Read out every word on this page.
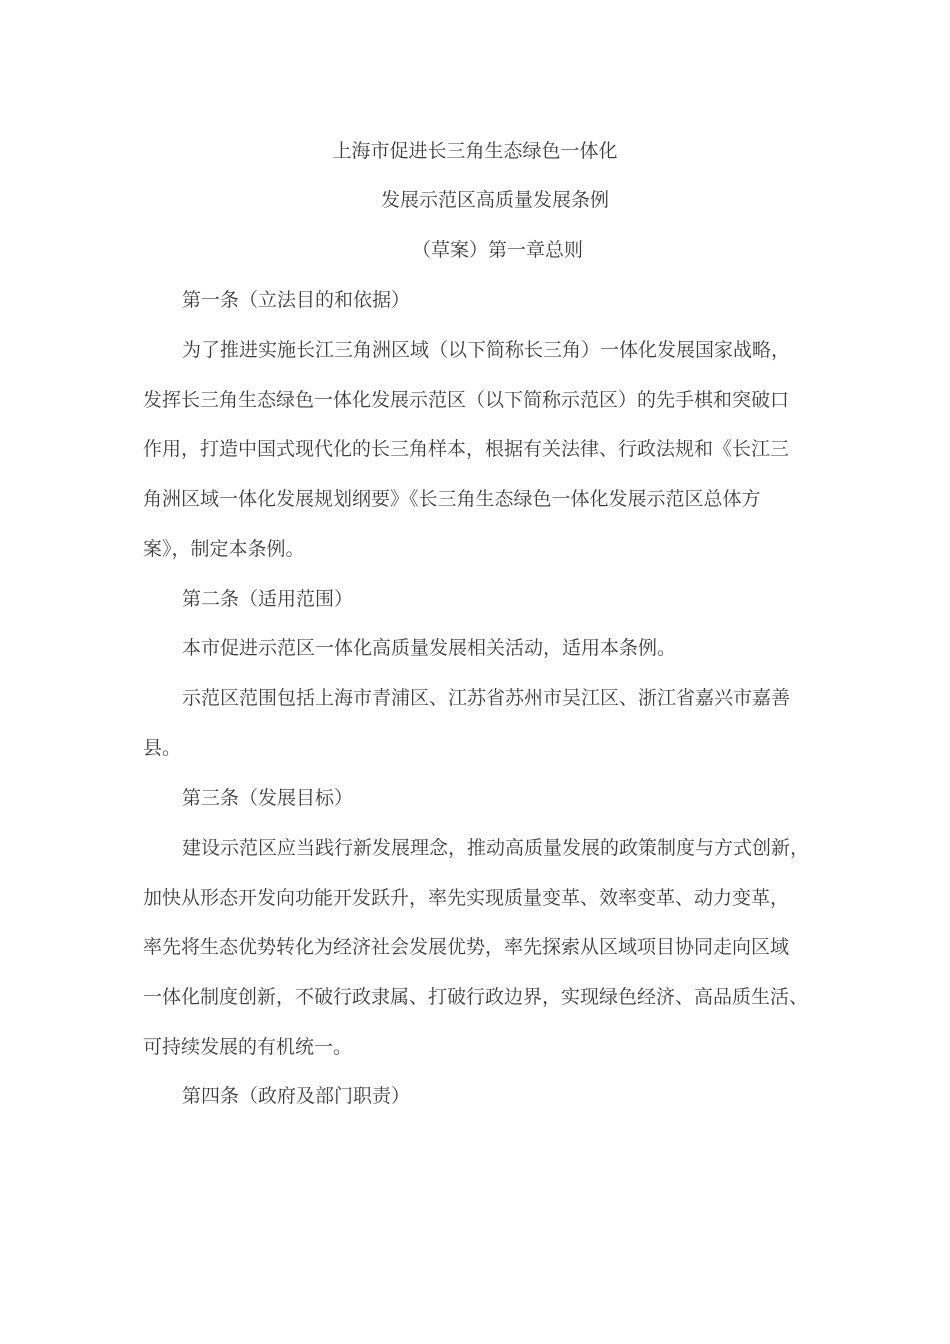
上海市促进长三角生态绿色一体化
发展示范区高质量发展条例
（草案）第一章总则
第一条（立法目的和依据）
为了推进实施长江三角洲区域（以下简称长三角）一体化发展国家战略，
发挥长三角生态绿色一体化发展示范区（以下简称示范区）的先手棋和突破口
作用，打造中国式现代化的长三角样本，根据有关法律、行政法规和《长江三
角洲区域一体化发展规划纲要》《长三角生态绿色一体化发展示范区总体方
案》，制定本条例。
第二条（适用范围）
本市促进示范区一体化高质量发展相关活动，适用本条例。
示范区范围包括上海市青浦区、江苏省苏州市吴江区、浙江省嘉兴市嘉善
县。
第三条（发展目标）
建设示范区应当践行新发展理念，推动高质量发展的政策制度与方式创新，
加快从形态开发向功能开发跃升，率先实现质量变革、效率变革、动力变革，
率先将生态优势转化为经济社会发展优势，率先探索从区域项目协同走向区域
一体化制度创新，不破行政隶属、打破行政边界，实现绿色经济、高品质生活、
可持续发展的有机统一。
第四条（政府及部门职责）
